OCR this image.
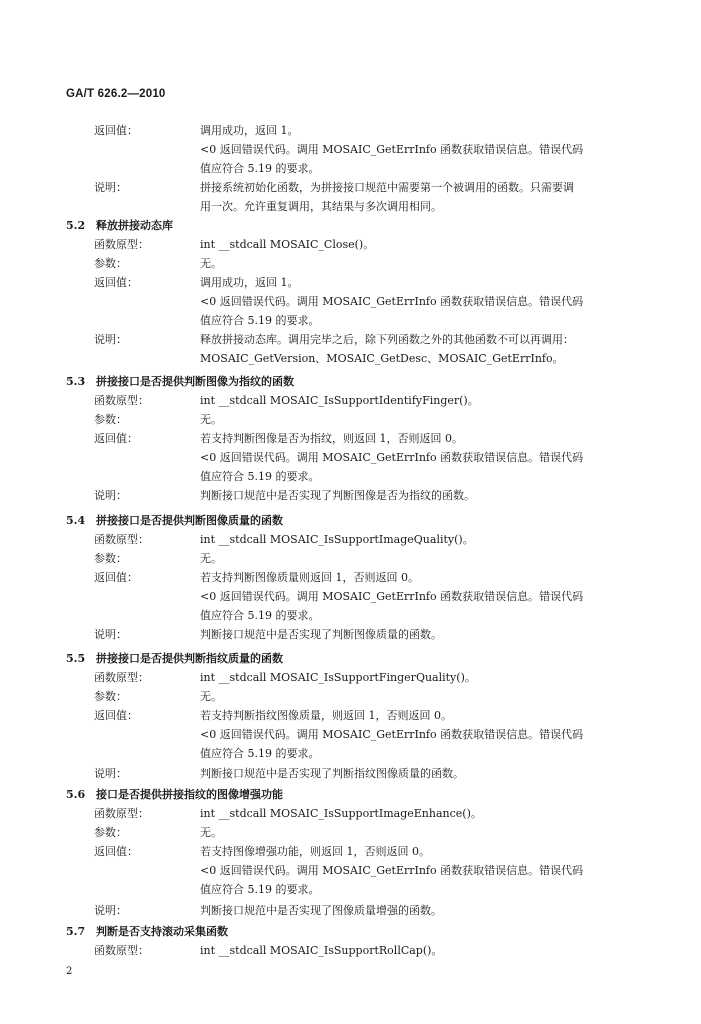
GA/T 626.2—2010
返回值：	调用成功，返回 1。
<0 返回错误代码。调用 MOSAIC_GetErrInfo 函数获取错误信息。错误代码
值应符合 5.19 的要求。
说明：	拼接系统初始化函数，为拼接接口规范中需要第一个被调用的函数。只需要调
用一次。允许重复调用，其结果与多次调用相同。
5.2 释放拼接动态库
函数原型：	int __stdcall MOSAIC_Close()。
参数：	无。
返回值：	调用成功，返回 1。
<0 返回错误代码。调用 MOSAIC_GetErrInfo 函数获取错误信息。错误代码
值应符合 5.19 的要求。
说明：	释放拼接动态库。调用完毕之后，除下列函数之外的其他函数不可以再调用：
MOSAIC_GetVersion、MOSAIC_GetDesc、MOSAIC_GetErrInfo。
5.3 拼接接口是否提供判断图像为指纹的函数
函数原型：	int __stdcall MOSAIC_IsSupportIdentifyFinger()。
参数：	无。
返回值：	若支持判断图像是否为指纹，则返回 1，否则返回 0。
<0 返回错误代码。调用 MOSAIC_GetErrInfo 函数获取错误信息。错误代码
值应符合 5.19 的要求。
说明：	判断接口规范中是否实现了判断图像是否为指纹的函数。
5.4 拼接接口是否提供判断图像质量的函数
函数原型：	int __stdcall MOSAIC_IsSupportImageQuality()。
参数：	无。
返回值：	若支持判断图像质量则返回 1，否则返回 0。
<0 返回错误代码。调用 MOSAIC_GetErrInfo 函数获取错误信息。错误代码
值应符合 5.19 的要求。
说明：	判断接口规范中是否实现了判断图像质量的函数。
5.5 拼接接口是否提供判断指纹质量的函数
函数原型：	int __stdcall MOSAIC_IsSupportFingerQuality()。
参数：	无。
返回值：	若支持判断指纹图像质量，则返回 1，否则返回 0。
<0 返回错误代码。调用 MOSAIC_GetErrInfo 函数获取错误信息。错误代码
值应符合 5.19 的要求。
说明：	判断接口规范中是否实现了判断指纹图像质量的函数。
5.6 接口是否提供拼接指纹的图像增强功能
函数原型：	int __stdcall MOSAIC_IsSupportImageEnhance()。
参数：	无。
返回值：	若支持图像增强功能，则返回 1，否则返回 0。
<0 返回错误代码。调用 MOSAIC_GetErrInfo 函数获取错误信息。错误代码
值应符合 5.19 的要求。
说明：	判断接口规范中是否实现了图像质量增强的函数。
5.7 判断是否支持滚动采集函数
函数原型：	int __stdcall MOSAIC_IsSupportRollCap()。
2
